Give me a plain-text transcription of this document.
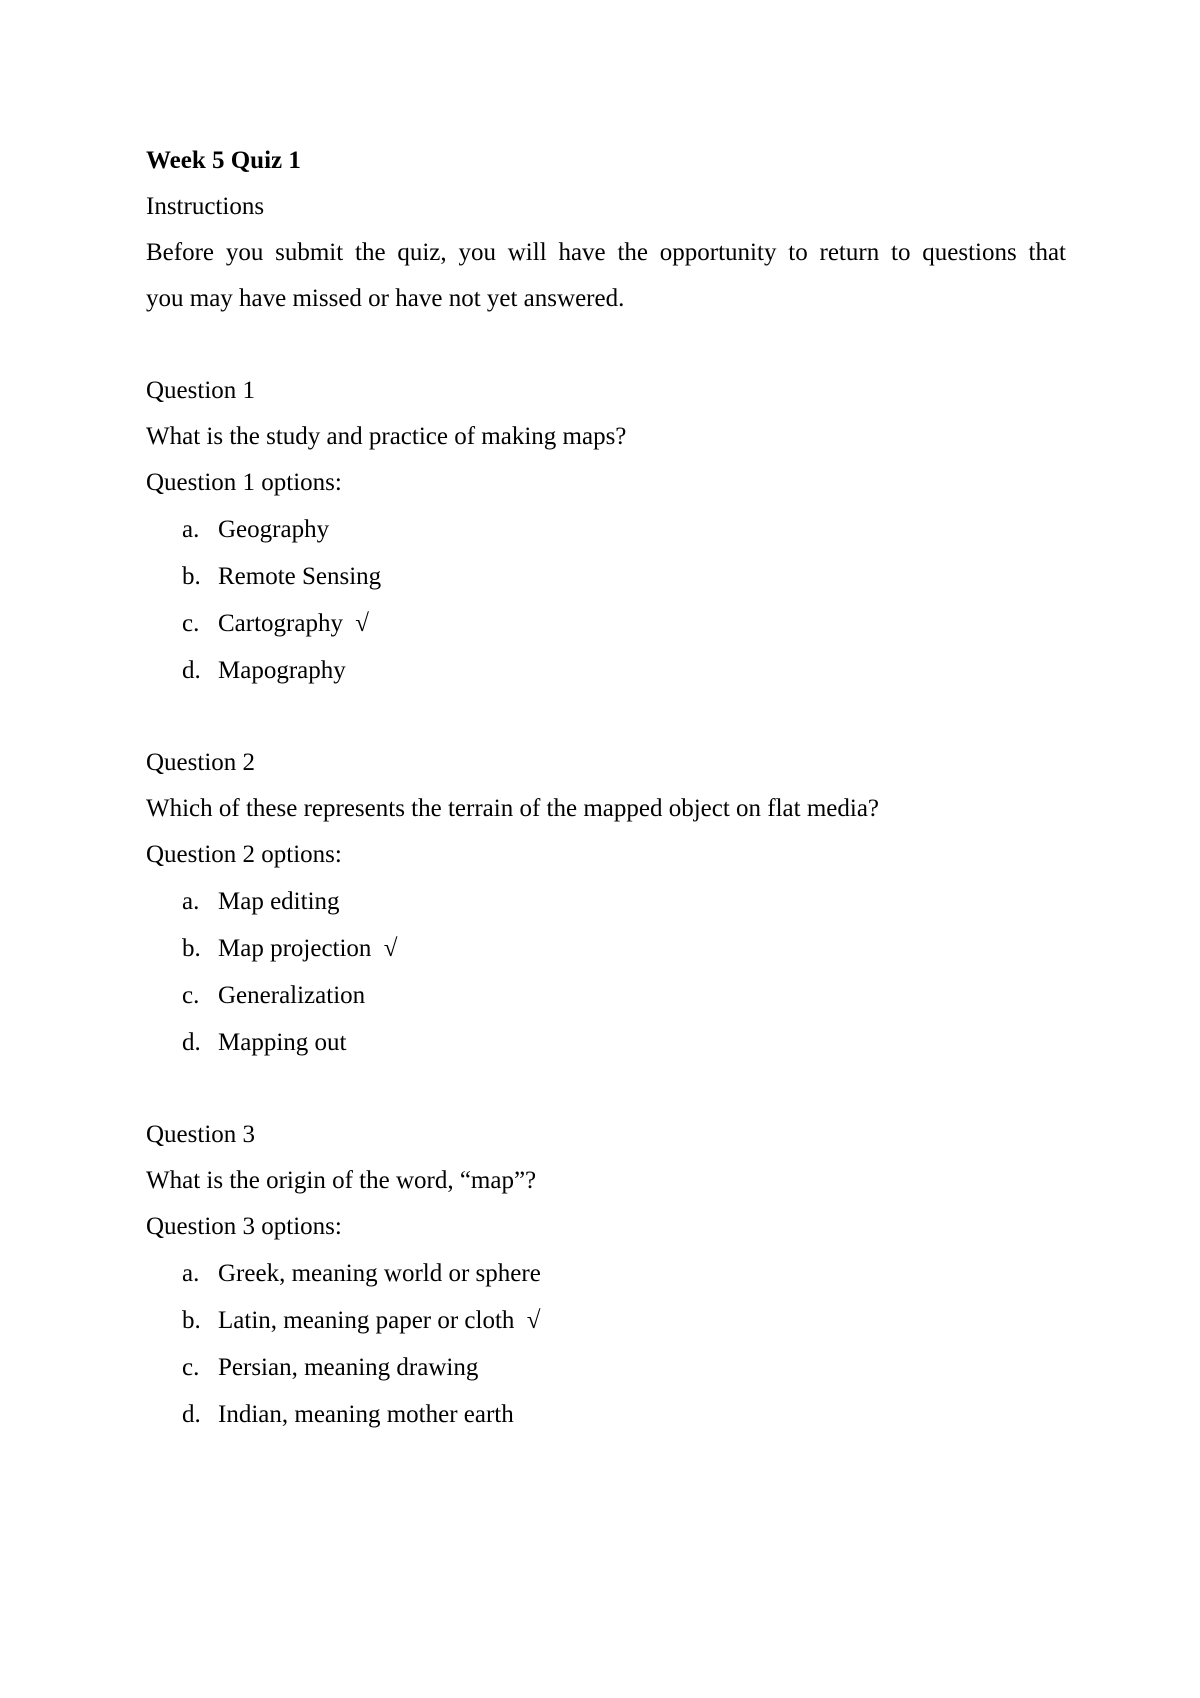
Week 5 Quiz 1

Instructions

Before you submit the quiz, you will have the opportunity to return to questions that
you may have missed or have not yet answered.

Question 1

What is the study and practice of making maps?

Question 1 options:

a. Geography
b. Remote Sensing
c. Cartography √
d. Mapography

Question 2

Which of these represents the terrain of the mapped object on flat media?

Question 2 options:

a. Map editing
b. Map projection √
c. Generalization
d. Mapping out

Question 3

What is the origin of the word, “map”?

Question 3 options:

a. Greek, meaning world or sphere
b. Latin, meaning paper or cloth √
c. Persian, meaning drawing
d. Indian, meaning mother earth
